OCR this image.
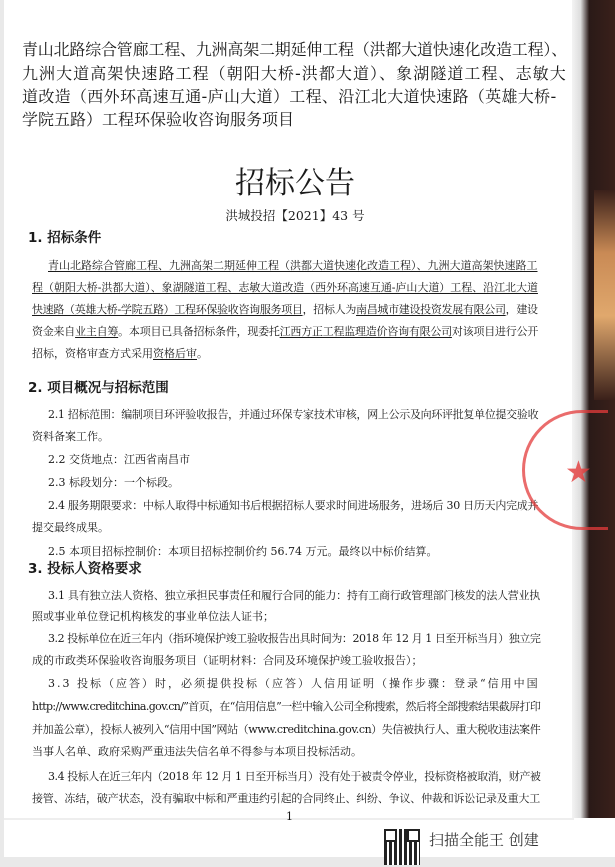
青山北路综合管廊工程、九洲高架二期延伸工程（洪都大道快速化改造工程）、
九洲大道高架快速路工程（朝阳大桥-洪都大道）、象湖隧道工程、志敏大
道改造（西外环高速互通-庐山大道）工程、沿江北大道快速路（英雄大桥-
学院五路）工程环保验收咨询服务项目
招标公告
洪城投招【2021】43 号
1. 招标条件
青山北路综合管廊工程、九洲高架二期延伸工程（洪都大道快速化改造工程）、九洲大道高架快速路工
程（朝阳大桥-洪都大道）、象湖隧道工程、志敏大道改造（西外环高速互通-庐山大道）工程、沿江北大道
快速路（英雄大桥-学院五路）工程环保验收咨询服务项目，招标人为南昌城市建设投资发展有限公司，建设
资金来自业主自筹。本项目已具备招标条件，现委托江西方正工程监理造价咨询有限公司对该项目进行公开
招标，资格审查方式采用资格后审。
2. 项目概况与招标范围
2.1 招标范围：编制项目环评验收报告，并通过环保专家技术审核，网上公示及向环评批复单位提交验收
资料备案工作。
2.2 交货地点：江西省南昌市
2.3 标段划分：一个标段。
2.4 服务期限要求：中标人取得中标通知书后根据招标人要求时间进场服务，进场后 30 日历天内完成并
提交最终成果。
2.5 本项目招标控制价：本项目招标控制价约 56.74 万元。最终以中标价结算。
3. 投标人资格要求
3.1 具有独立法人资格、独立承担民事责任和履行合同的能力：持有工商行政管理部门核发的法人营业执
照或事业单位登记机构核发的事业单位法人证书；
3.2 投标单位在近三年内（指环境保护竣工验收报告出具时间为：2018 年 12 月 1 日至开标当月）独立完
成的市政类环保验收咨询服务项目（证明材料：合同及环境保护竣工验收报告）；
3.3 投标（应答）时，必须提供投标（应答）人信用证明（操作步骤：登录“信用中国
http://www.creditchina.gov.cn/”首页，在“信用信息”一栏中输入公司全称搜索，然后将全部搜索结果截屏打印
并加盖公章），投标人被列入“信用中国”网站（www.creditchina.gov.cn）失信被执行人、重大税收违法案件
当事人名单、政府采购严重违法失信名单不得参与本项目投标活动。
3.4 投标人在近三年内（2018 年 12 月 1 日至开标当月）没有处于被责令停业，投标资格被取消，财产被
接管、冻结，破产状态，没有骗取中标和严重违约引起的合同终止、纠纷、争议、仲裁和诉讼记录及重大工
1
★
扫描全能王 创建
